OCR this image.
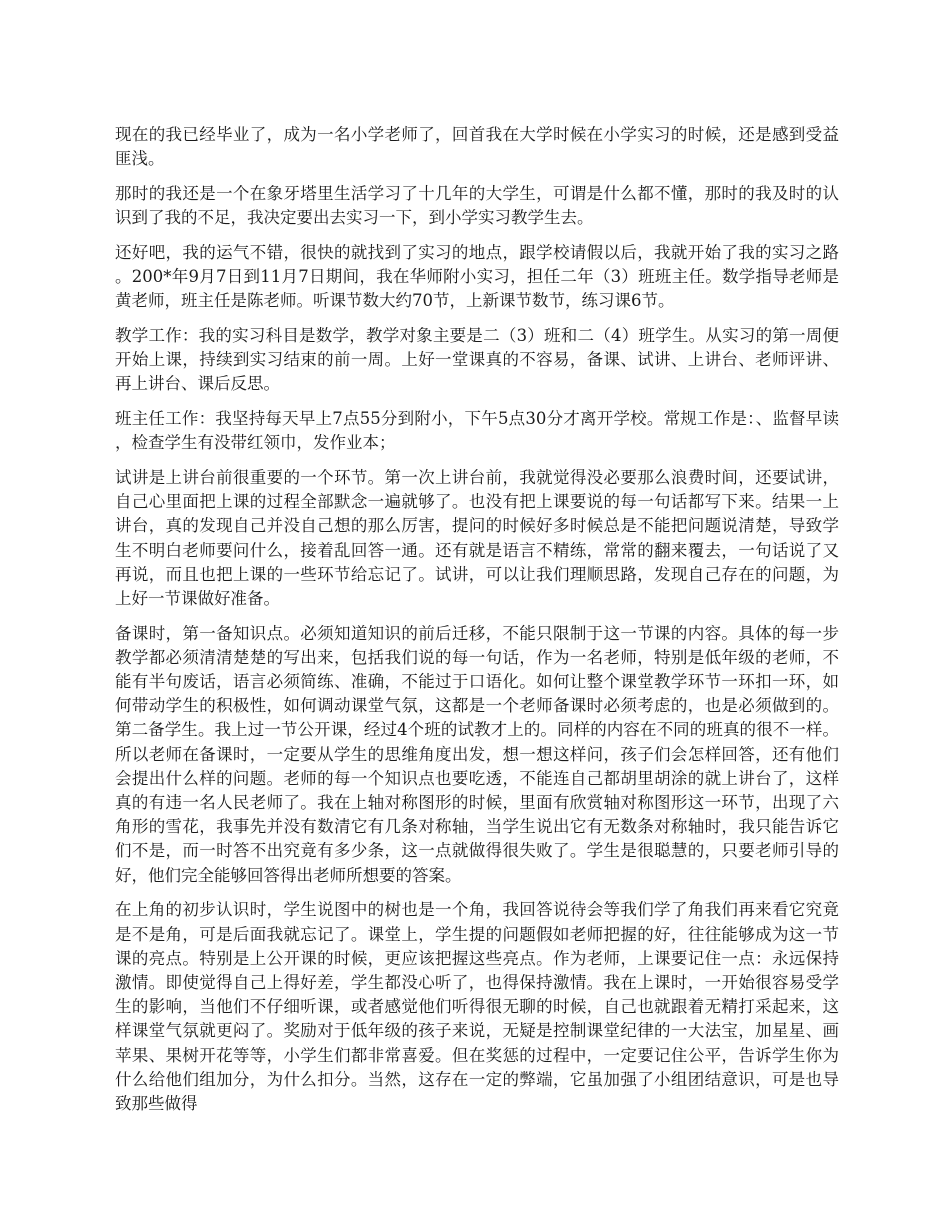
现在的我已经毕业了，成为一名小学老师了，回首我在大学时候在小学实习的时候，还是感到受益匪浅。

那时的我还是一个在象牙塔里生活学习了十几年的大学生，可谓是什么都不懂，那时的我及时的认识到了我的不足，我决定要出去实习一下，到小学实习教学生去。

还好吧，我的运气不错，很快的就找到了实习的地点，跟学校请假以后，我就开始了我的实习之路。200*年9月7日到11月7日期间，我在华师附小实习，担任二年（3）班班主任。数学指导老师是黄老师，班主任是陈老师。听课节数大约70节，上新课节数节，练习课6节。

教学工作：我的实习科目是数学，教学对象主要是二（3）班和二（4）班学生。从实习的第一周便开始上课，持续到实习结束的前一周。上好一堂课真的不容易，备课、试讲、上讲台、老师评讲、再上讲台、课后反思。

班主任工作：我坚持每天早上7点55分到附小，下午5点30分才离开学校。常规工作是：、监督早读，检查学生有没带红领巾，发作业本；

试讲是上讲台前很重要的一个环节。第一次上讲台前，我就觉得没必要那么浪费时间，还要试讲，自己心里面把上课的过程全部默念一遍就够了。也没有把上课要说的每一句话都写下来。结果一上讲台，真的发现自己并没自己想的那么厉害，提问的时候好多时候总是不能把问题说清楚，导致学生不明白老师要问什么，接着乱回答一通。还有就是语言不精练，常常的翻来覆去，一句话说了又再说，而且也把上课的一些环节给忘记了。试讲，可以让我们理顺思路，发现自己存在的问题，为上好一节课做好准备。

备课时，第一备知识点。必须知道知识的前后迁移，不能只限制于这一节课的内容。具体的每一步教学都必须清清楚楚的写出来，包括我们说的每一句话，作为一名老师，特别是低年级的老师，不能有半句废话，语言必须简练、准确，不能过于口语化。如何让整个课堂教学环节一环扣一环，如何带动学生的积极性，如何调动课堂气氛，这都是一个老师备课时必须考虑的，也是必须做到的。第二备学生。我上过一节公开课，经过4个班的试教才上的。同样的内容在不同的班真的很不一样。所以老师在备课时，一定要从学生的思维角度出发，想一想这样问，孩子们会怎样回答，还有他们会提出什么样的问题。老师的每一个知识点也要吃透，不能连自己都胡里胡涂的就上讲台了，这样真的有违一名人民老师了。我在上轴对称图形的时候，里面有欣赏轴对称图形这一环节，出现了六角形的雪花，我事先并没有数清它有几条对称轴，当学生说出它有无数条对称轴时，我只能告诉它们不是，而一时答不出究竟有多少条，这一点就做得很失败了。学生是很聪慧的，只要老师引导的好，他们完全能够回答得出老师所想要的答案。

在上角的初步认识时，学生说图中的树也是一个角，我回答说待会等我们学了角我们再来看它究竟是不是角，可是后面我就忘记了。课堂上，学生提的问题假如老师把握的好，往往能够成为这一节课的亮点。特别是上公开课的时候，更应该把握这些亮点。作为老师，上课要记住一点：永远保持激情。即使觉得自己上得好差，学生都没心听了，也得保持激情。我在上课时，一开始很容易受学生的影响，当他们不仔细听课，或者感觉他们听得很无聊的时候，自己也就跟着无精打采起来，这样课堂气氛就更闷了。奖励对于低年级的孩子来说，无疑是控制课堂纪律的一大法宝，加星星、画苹果、果树开花等等，小学生们都非常喜爱。但在奖惩的过程中，一定要记住公平，告诉学生你为什么给他们组加分，为什么扣分。当然，这存在一定的弊端，它虽加强了小组团结意识，可是也导致那些做得
